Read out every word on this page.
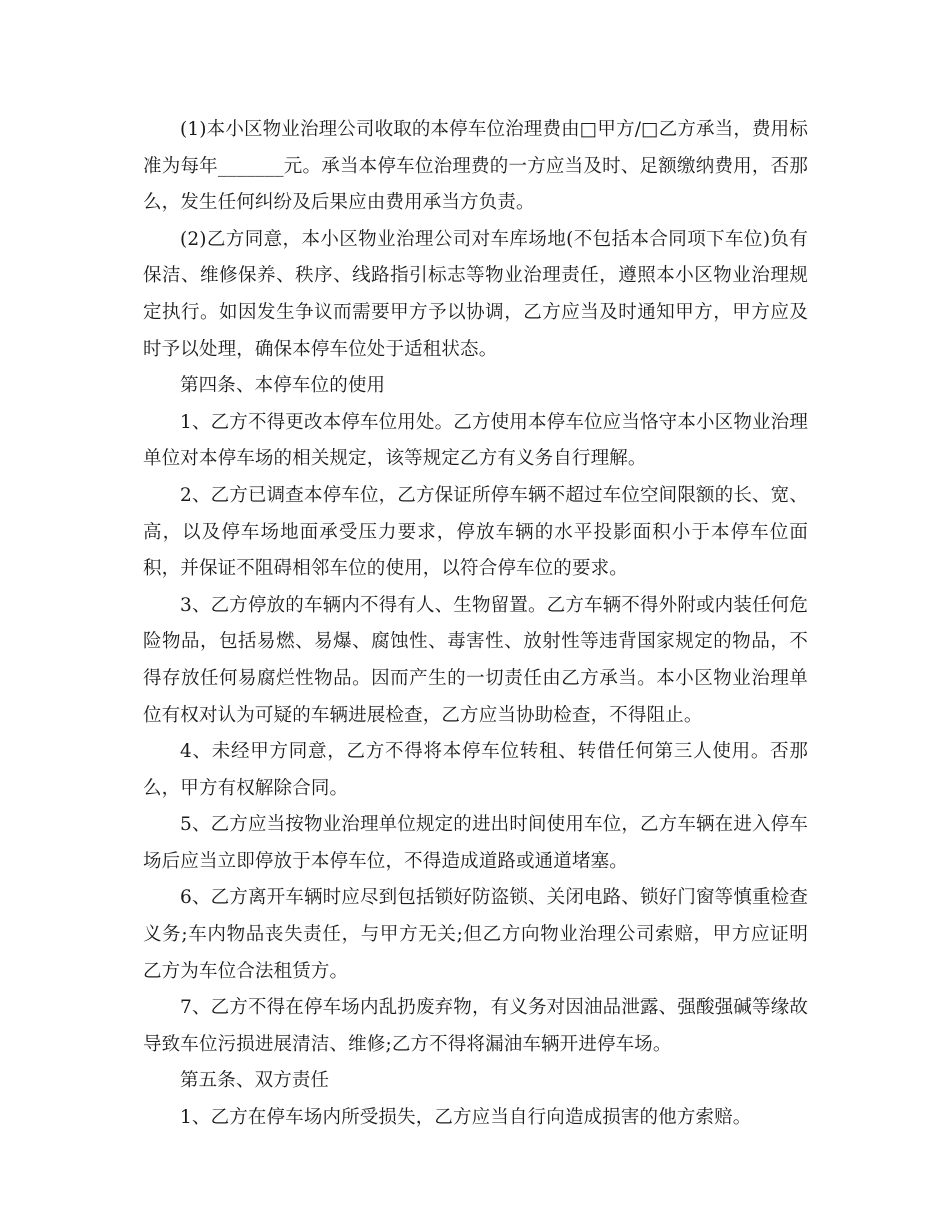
(1)本小区物业治理公司收取的本停车位治理费由□甲方/□乙方承当，费用标准为每年_______元。承当本停车位治理费的一方应当及时、足额缴纳费用，否那么，发生任何纠纷及后果应由费用承当方负责。

(2)乙方同意，本小区物业治理公司对车库场地(不包括本合同项下车位)负有保洁、维修保养、秩序、线路指引标志等物业治理责任，遵照本小区物业治理规定执行。如因发生争议而需要甲方予以协调，乙方应当及时通知甲方，甲方应及时予以处理，确保本停车位处于适租状态。

第四条、本停车位的使用

1、乙方不得更改本停车位用处。乙方使用本停车位应当恪守本小区物业治理单位对本停车场的相关规定，该等规定乙方有义务自行理解。

2、乙方已调查本停车位，乙方保证所停车辆不超过车位空间限额的长、宽、高，以及停车场地面承受压力要求，停放车辆的水平投影面积小于本停车位面积，并保证不阻碍相邻车位的使用，以符合停车位的要求。

3、乙方停放的车辆内不得有人、生物留置。乙方车辆不得外附或内装任何危险物品，包括易燃、易爆、腐蚀性、毒害性、放射性等违背国家规定的物品，不得存放任何易腐烂性物品。因而产生的一切责任由乙方承当。本小区物业治理单位有权对认为可疑的车辆进展检查，乙方应当协助检查，不得阻止。

4、未经甲方同意，乙方不得将本停车位转租、转借任何第三人使用。否那么，甲方有权解除合同。

5、乙方应当按物业治理单位规定的进出时间使用车位，乙方车辆在进入停车场后应当立即停放于本停车位，不得造成道路或通道堵塞。

6、乙方离开车辆时应尽到包括锁好防盗锁、关闭电路、锁好门窗等慎重检查义务;车内物品丧失责任，与甲方无关;但乙方向物业治理公司索赔，甲方应证明乙方为车位合法租赁方。

7、乙方不得在停车场内乱扔废弃物，有义务对因油品泄露、强酸强碱等缘故导致车位污损进展清洁、维修;乙方不得将漏油车辆开进停车场。

第五条、双方责任

1、乙方在停车场内所受损失，乙方应当自行向造成损害的他方索赔。
